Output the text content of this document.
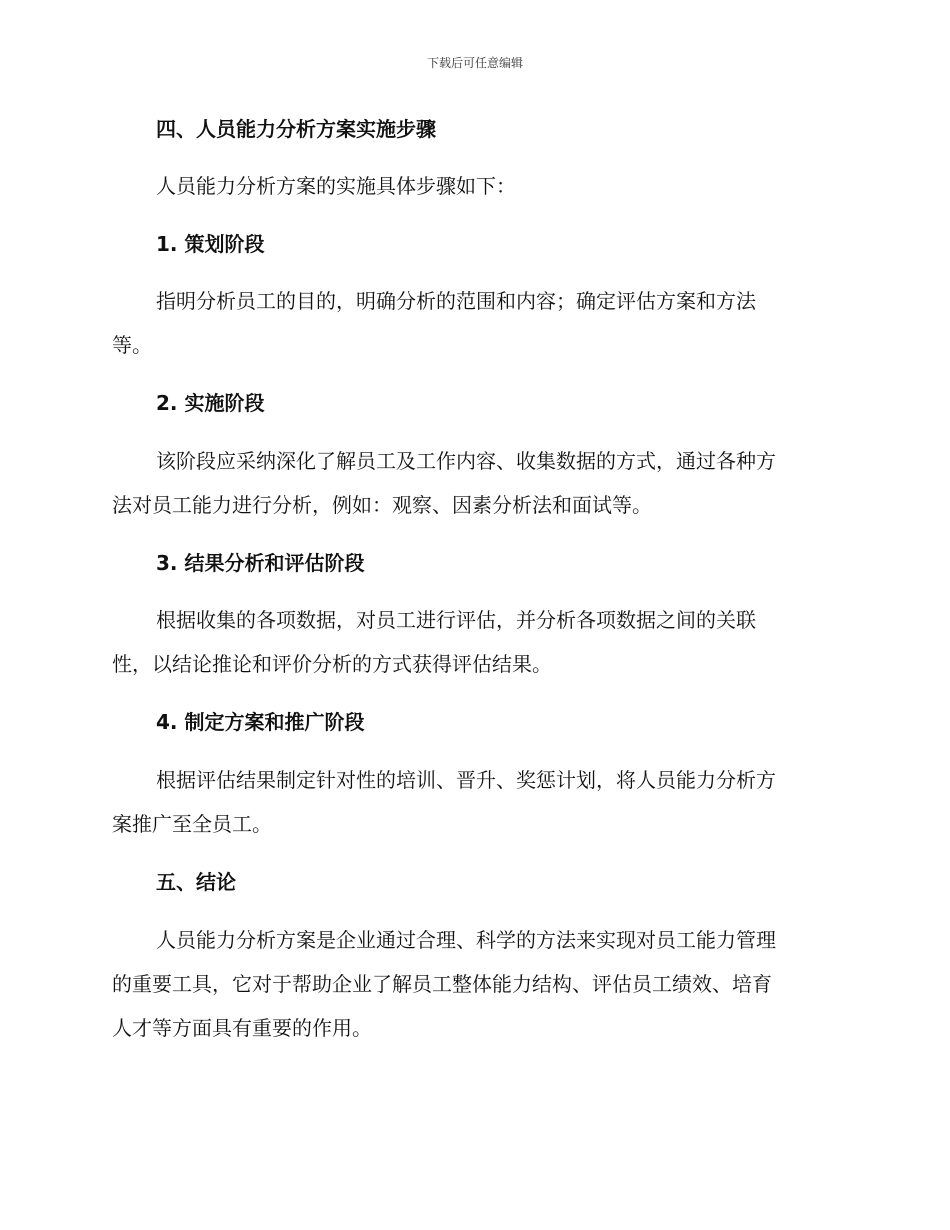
下载后可任意编辑
四、人员能力分析方案实施步骤
人员能力分析方案的实施具体步骤如下：
1. 策划阶段
指明分析员工的目的，明确分析的范围和内容；确定评估方案和方法
等。
2. 实施阶段
该阶段应采纳深化了解员工及工作内容、收集数据的方式，通过各种方
法对员工能力进行分析，例如：观察、因素分析法和面试等。
3. 结果分析和评估阶段
根据收集的各项数据，对员工进行评估，并分析各项数据之间的关联
性，以结论推论和评价分析的方式获得评估结果。
4. 制定方案和推广阶段
根据评估结果制定针对性的培训、晋升、奖惩计划，将人员能力分析方
案推广至全员工。
五、结论
人员能力分析方案是企业通过合理、科学的方法来实现对员工能力管理
的重要工具，它对于帮助企业了解员工整体能力结构、评估员工绩效、培育
人才等方面具有重要的作用。
